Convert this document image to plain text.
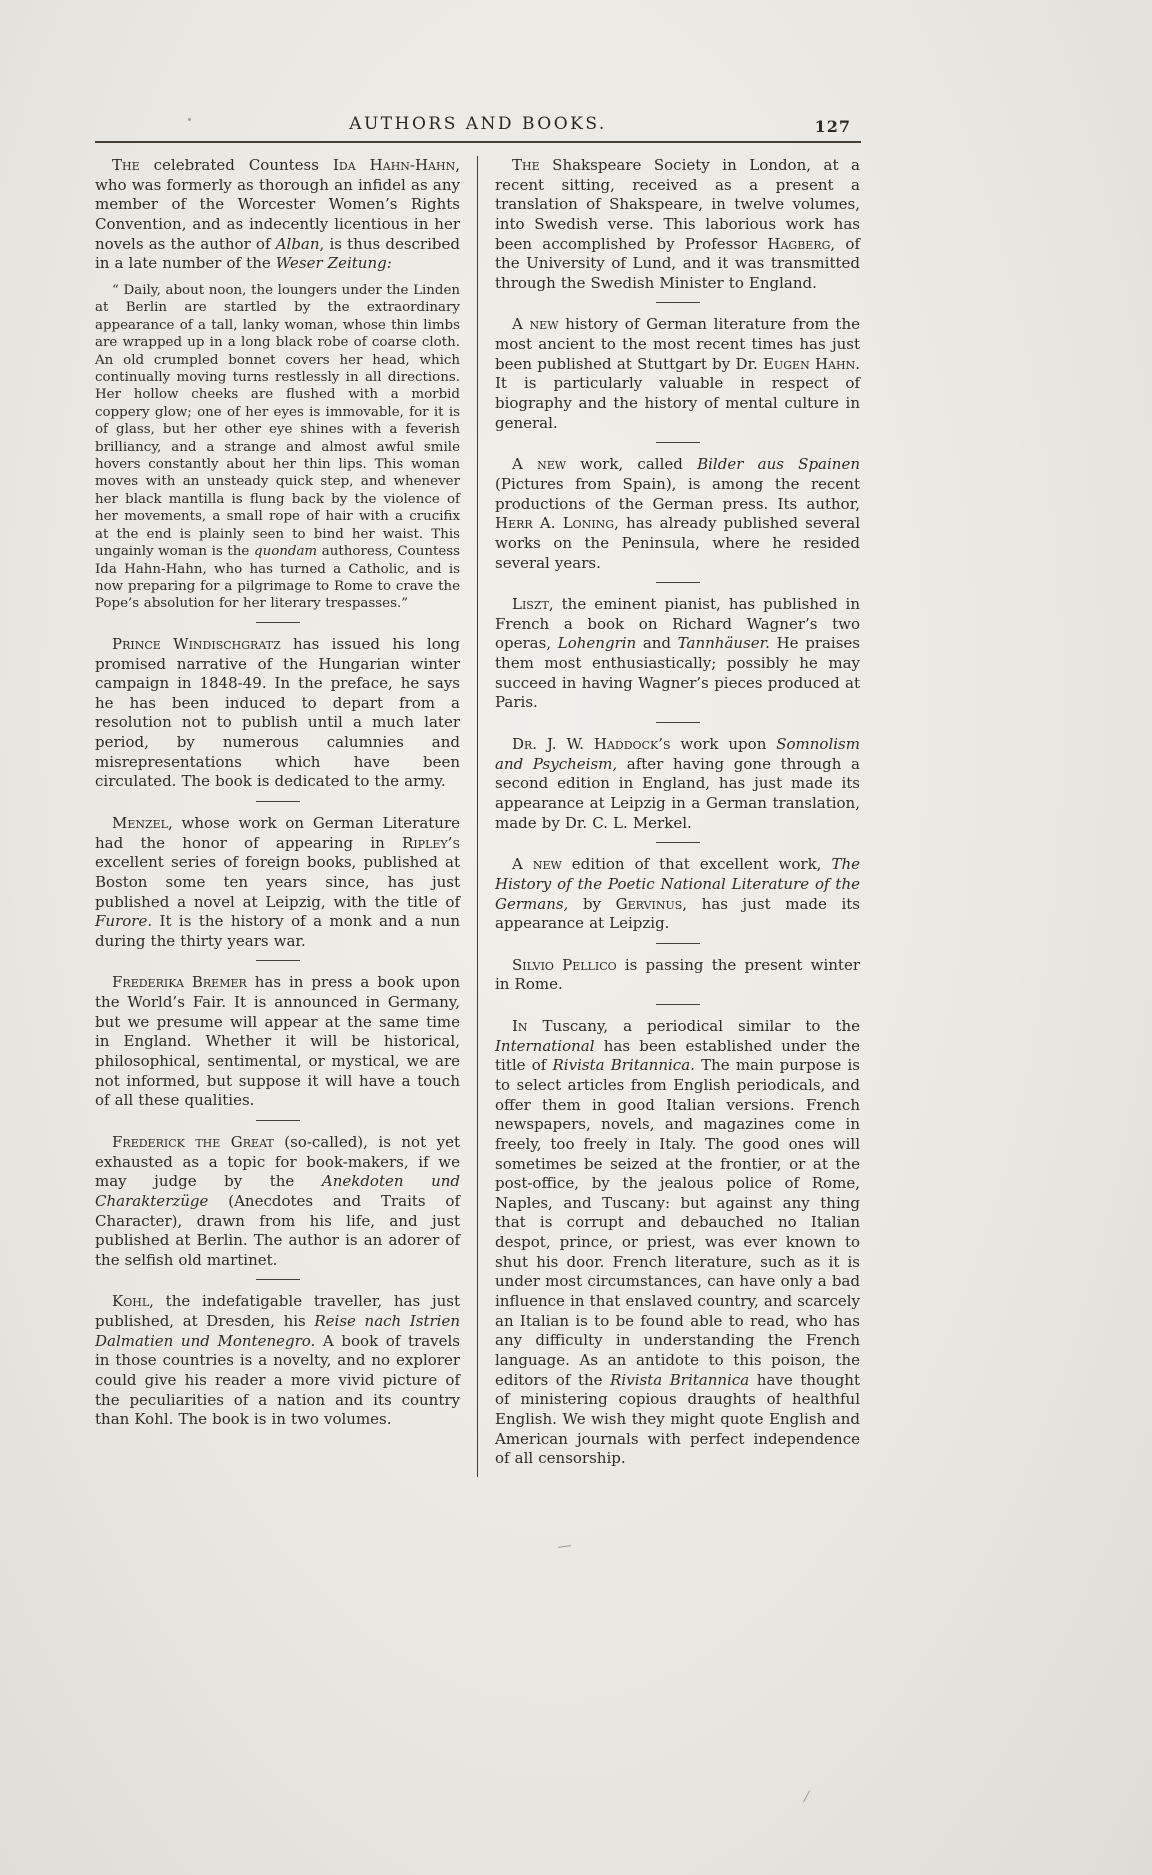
AUTHORS AND BOOKS.	127

The celebrated Countess Ida Hahn-Hahn, who was formerly as thorough an infidel as any member of the Worcester Women’s Rights Convention, and as indecently licentious in her novels as the author of Alban, is thus described in a late number of the Weser Zeitung:

“ Daily, about noon, the loungers under the Linden at Berlin are startled by the extraordinary appearance of a tall, lanky woman, whose thin limbs are wrapped up in a long black robe of coarse cloth. An old crumpled bonnet covers her head, which continually moving turns restlessly in all directions. Her hollow cheeks are flushed with a morbid coppery glow; one of her eyes is immovable, for it is of glass, but her other eye shines with a feverish brilliancy, and a strange and almost awful smile hovers constantly about her thin lips. This woman moves with an unsteady quick step, and whenever her black mantilla is flung back by the violence of her movements, a small rope of hair with a crucifix at the end is plainly seen to bind her waist. This ungainly woman is the quondam authoress, Countess Ida Hahn-Hahn, who has turned a Catholic, and is now preparing for a pilgrimage to Rome to crave the Pope’s absolution for her literary trespasses.”

Prince Windischgratz has issued his long promised narrative of the Hungarian winter campaign in 1848-49. In the preface, he says he has been induced to depart from a resolution not to publish until a much later period, by numerous calumnies and misrepresentations which have been circulated. The book is dedicated to the army.

Menzel, whose work on German Literature had the honor of appearing in Ripley’s excellent series of foreign books, published at Boston some ten years since, has just published a novel at Leipzig, with the title of Furore. It is the history of a monk and a nun during the thirty years war.

Frederika Bremer has in press a book upon the World’s Fair. It is announced in Germany, but we presume will appear at the same time in England. Whether it will be historical, philosophical, sentimental, or mystical, we are not informed, but suppose it will have a touch of all these qualities.

Frederick the Great (so-called), is not yet exhausted as a topic for book-makers, if we may judge by the Anekdoten und Charakterzüge (Anecdotes and Traits of Character), drawn from his life, and just published at Berlin. The author is an adorer of the selfish old martinet.

Kohl, the indefatigable traveller, has just published, at Dresden, his Reise nach Istrien Dalmatien und Montenegro. A book of travels in those countries is a novelty, and no explorer could give his reader a more vivid picture of the peculiarities of a nation and its country than Kohl. The book is in two volumes.

The Shakspeare Society in London, at a recent sitting, received as a present a translation of Shakspeare, in twelve volumes, into Swedish verse. This laborious work has been accomplished by Professor Hagberg, of the University of Lund, and it was transmitted through the Swedish Minister to England.

A new history of German literature from the most ancient to the most recent times has just been published at Stuttgart by Dr. Eugen Hahn. It is particularly valuable in respect of biography and the history of mental culture in general.

A new work, called Bilder aus Spainen (Pictures from Spain), is among the recent productions of the German press. Its author, Herr A. Loning, has already published several works on the Peninsula, where he resided several years.

Liszt, the eminent pianist, has published in French a book on Richard Wagner’s two operas, Lohengrin and Tannhäuser. He praises them most enthusiastically; possibly he may succeed in having Wagner’s pieces produced at Paris.

Dr. J. W. Haddock’s work upon Somnolism and Psycheism, after having gone through a second edition in England, has just made its appearance at Leipzig in a German translation, made by Dr. C. L. Merkel.

A new edition of that excellent work, The History of the Poetic National Literature of the Germans, by Gervinus, has just made its appearance at Leipzig.

Silvio Pellico is passing the present winter in Rome.

In Tuscany, a periodical similar to the International has been established under the title of Rivista Britannica. The main purpose is to select articles from English periodicals, and offer them in good Italian versions. French newspapers, novels, and magazines come in freely, too freely in Italy. The good ones will sometimes be seized at the frontier, or at the post-office, by the jealous police of Rome, Naples, and Tuscany: but against any thing that is corrupt and debauched no Italian despot, prince, or priest, was ever known to shut his door. French literature, such as it is under most circumstances, can have only a bad influence in that enslaved country, and scarcely an Italian is to be found able to read, who has any difficulty in understanding the French language. As an antidote to this poison, the editors of the Rivista Britannica have thought of ministering copious draughts of healthful English. We wish they might quote English and American journals with perfect independence of all censorship.
